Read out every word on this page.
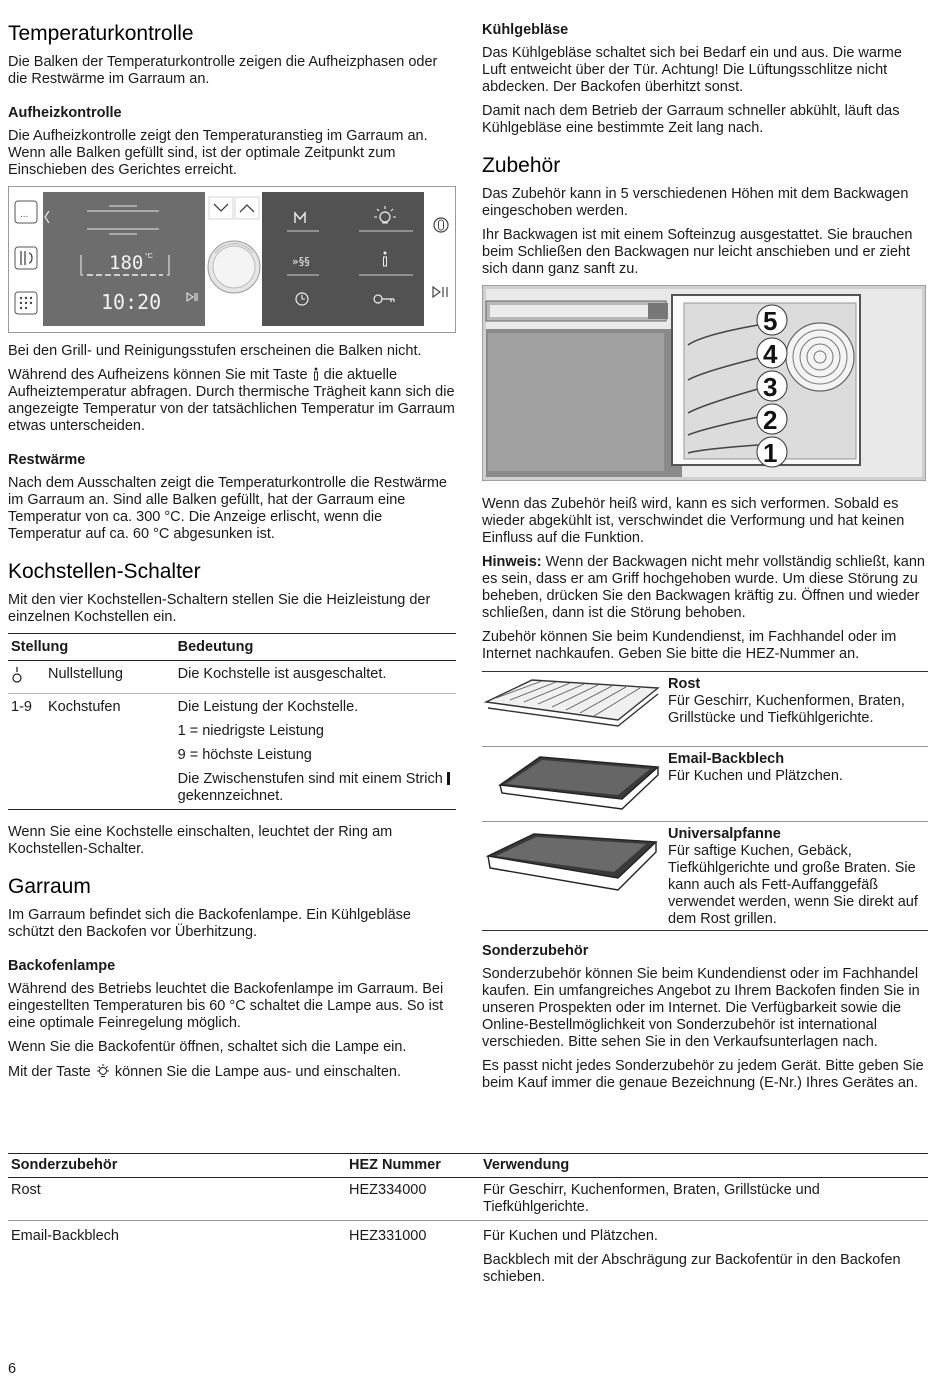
Temperaturkontrolle

Die Balken der Temperaturkontrolle zeigen die Aufheizphasen oder die Restwärme im Garraum an.

Aufheizkontrolle

Die Aufheizkontrolle zeigt den Temperaturanstieg im Garraum an. Wenn alle Balken gefüllt sind, ist der optimale Zeitpunkt zum Einschieben des Gerichtes erreicht.

...
180 °C
10:20
»§§

Bei den Grill- und Reinigungsstufen erscheinen die Balken nicht.

Während des Aufheizens können Sie mit Taste die aktuelle Aufheiztemperatur abfragen. Durch thermische Trägheit kann sich die angezeigte Temperatur von der tatsächlichen Temperatur im Garraum etwas unterscheiden.

Restwärme

Nach dem Ausschalten zeigt die Temperaturkontrolle die Restwärme im Garraum an. Sind alle Balken gefüllt, hat der Garraum eine Temperatur von ca. 300 °C. Die Anzeige erlischt, wenn die Temperatur auf ca. 60 °C abgesunken ist.

Kochstellen-Schalter

Mit den vier Kochstellen-Schaltern stellen Sie die Heizleistung der einzelnen Kochstellen ein.

Stellung		Bedeutung
	Nullstellung	Die Kochstelle ist ausgeschaltet.
1-9	Kochstufen	Die Leistung der Kochstelle.
1 = niedrigste Leistung
9 = höchste Leistung
Die Zwischenstufen sind mit einem Strich  gekennzeichnet.

Wenn Sie eine Kochstelle einschalten, leuchtet der Ring am Kochstellen-Schalter.

Garraum

Im Garraum befindet sich die Backofenlampe. Ein Kühlgebläse schützt den Backofen vor Überhitzung.

Backofenlampe

Während des Betriebs leuchtet die Backofenlampe im Garraum. Bei eingestellten Temperaturen bis 60 °C schaltet die Lampe aus. So ist eine optimale Feinregelung möglich.

Wenn Sie die Backofentür öffnen, schaltet sich die Lampe ein.

Mit der Taste können Sie die Lampe aus- und einschalten.

Kühlgebläse

Das Kühlgebläse schaltet sich bei Bedarf ein und aus. Die warme Luft entweicht über der Tür. Achtung! Die Lüftungsschlitze nicht abdecken. Der Backofen überhitzt sonst.

Damit nach dem Betrieb der Garraum schneller abkühlt, läuft das Kühlgebläse eine bestimmte Zeit lang nach.

Zubehör

Das Zubehör kann in 5 verschiedenen Höhen mit dem Backwagen eingeschoben werden.

Ihr Backwagen ist mit einem Softeinzug ausgestattet. Sie brauchen beim Schließen den Backwagen nur leicht anschieben und er zieht sich dann ganz sanft zu.

5
4
3
2
1

Wenn das Zubehör heiß wird, kann es sich verformen. Sobald es wieder abgekühlt ist, verschwindet die Verformung und hat keinen Einfluss auf die Funktion.

Hinweis: Wenn der Backwagen nicht mehr vollständig schließt, kann es sein, dass er am Griff hochgehoben wurde. Um diese Störung zu beheben, drücken Sie den Backwagen kräftig zu. Öffnen und wieder schließen, dann ist die Störung behoben.

Zubehör können Sie beim Kundendienst, im Fachhandel oder im Internet nachkaufen. Geben Sie bitte die HEZ-Nummer an.

Rost
Für Geschirr, Kuchenformen, Braten, Grillstücke und Tiefkühlgerichte.
Email-Backblech
Für Kuchen und Plätzchen.
Universalpfanne
Für saftige Kuchen, Gebäck, Tiefkühlgerichte und große Braten. Sie kann auch als Fett-Auffanggefäß verwendet werden, wenn Sie direkt auf dem Rost grillen.
Sonderzubehör

Sonderzubehör können Sie beim Kundendienst oder im Fachhandel kaufen. Ein umfangreiches Angebot zu Ihrem Backofen finden Sie in unseren Prospekten oder im Internet. Die Verfügbarkeit sowie die Online-Bestellmöglichkeit von Sonderzubehör ist international verschieden. Bitte sehen Sie in den Verkaufsunterlagen nach.

Es passt nicht jedes Sonderzubehör zu jedem Gerät. Bitte geben Sie beim Kauf immer die genaue Bezeichnung (E-Nr.) Ihres Gerätes an.

Sonderzubehör	HEZ Nummer	Verwendung
Rost	HEZ334000	Für Geschirr, Kuchenformen, Braten, Grillstücke und Tiefkühlgerichte.
Email-Backblech	HEZ331000	Für Kuchen und Plätzchen.
Backblech mit der Abschrägung zur Backofentür in den Backofen schieben.
6
